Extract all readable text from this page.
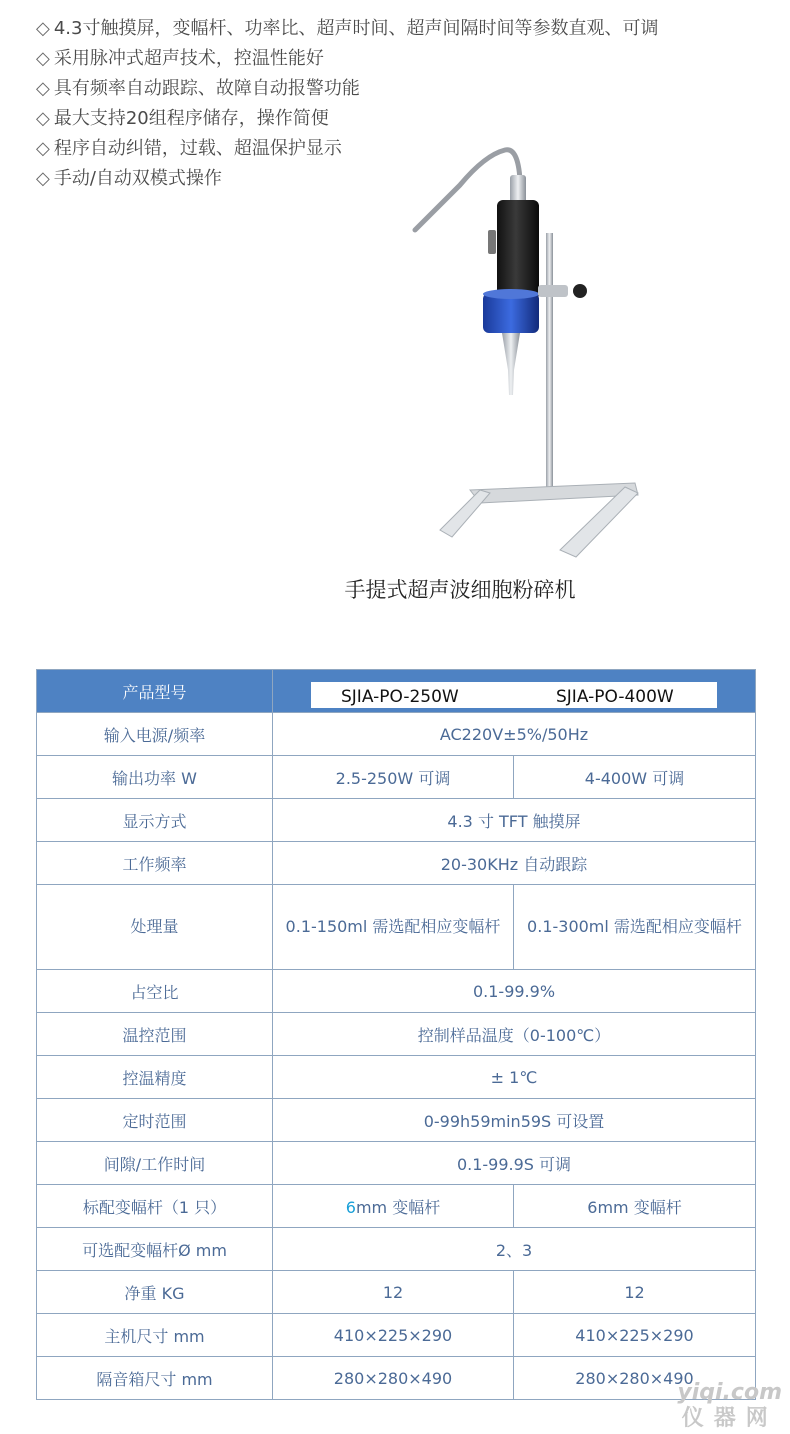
◇ 4.3寸触摸屏，变幅杆、功率比、超声时间、超声间隔时间等参数直观、可调
◇ 采用脉冲式超声技术，控温性能好
◇ 具有频率自动跟踪、故障自动报警功能
◇ 最大支持20组程序储存，操作简便
◇ 程序自动纠错，过载、超温保护显示
◇ 手动/自动双模式操作
手提式超声波细胞粉碎机
产品型号	SJIA-PO-250W SJIA-PO-400W	
输入电源/频率	AC220V±5%/50Hz	
输出功率 W	2.5-250W 可调	4-400W 可调
显示方式	4.3 寸 TFT 触摸屏	
工作频率	20-30KHz 自动跟踪	
处理量	0.1-150ml 需选配相应变幅杆	0.1-300ml 需选配相应变幅杆
占空比	0.1-99.9%	
温控范围	控制样品温度（0-100℃）	
控温精度	± 1℃	
定时范围	0-99h59min59S 可设置	
间隙/工作时间	0.1-99.9S 可调	
标配变幅杆（1 只）	6mm 变幅杆	6mm 变幅杆
可选配变幅杆Ø mm	2、3	
净重 KG	12	12
主机尺寸 mm	410×225×290	410×225×290
隔音箱尺寸 mm	280×280×490	280×280×490
yiqi.com
仪器网
